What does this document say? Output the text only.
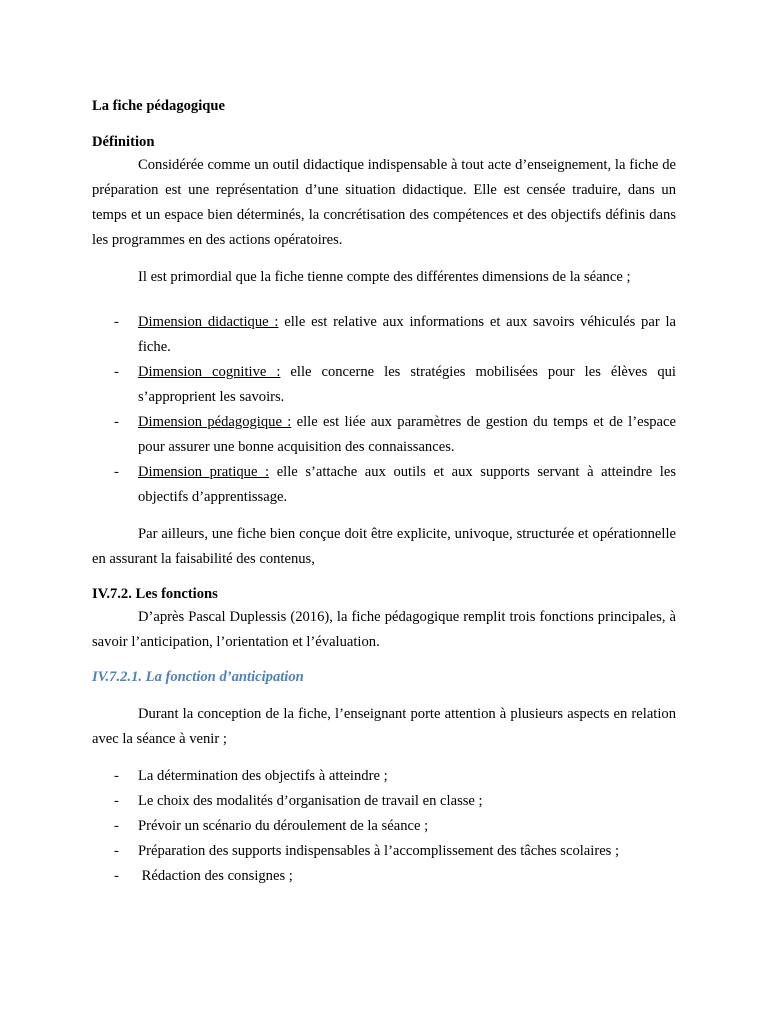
La fiche pédagogique

Définition

Considérée comme un outil didactique indispensable à tout acte d’enseignement, la fiche de préparation est une représentation d’une situation didactique. Elle est censée traduire, dans un temps et un espace bien déterminés, la concrétisation des compétences et des objectifs définis dans les programmes en des actions opératoires.

Il est primordial que la fiche tienne compte des différentes dimensions de la séance ;

- Dimension didactique : elle est relative aux informations et aux savoirs véhiculés par la fiche.
- Dimension cognitive : elle concerne les stratégies mobilisées pour les élèves qui s’approprient les savoirs.
- Dimension pédagogique : elle est liée aux paramètres de gestion du temps et de l’espace pour assurer une bonne acquisition des connaissances.
- Dimension pratique : elle s’attache aux outils et aux supports servant à atteindre les objectifs d’apprentissage.

Par ailleurs, une fiche bien conçue doit être explicite, univoque, structurée et opérationnelle en assurant la faisabilité des contenus,

IV.7.2. Les fonctions

D’après Pascal Duplessis (2016), la fiche pédagogique remplit trois fonctions principales, à savoir l’anticipation, l’orientation et l’évaluation.

IV.7.2.1. La fonction d’anticipation

Durant la conception de la fiche, l’enseignant porte attention à plusieurs aspects en relation avec la séance à venir ;

- La détermination des objectifs à atteindre ;
- Le choix des modalités d’organisation de travail en classe ;
- Prévoir un scénario du déroulement de la séance ;
- Préparation des supports indispensables à l’accomplissement des tâches scolaires ;
- Rédaction des consignes ;
